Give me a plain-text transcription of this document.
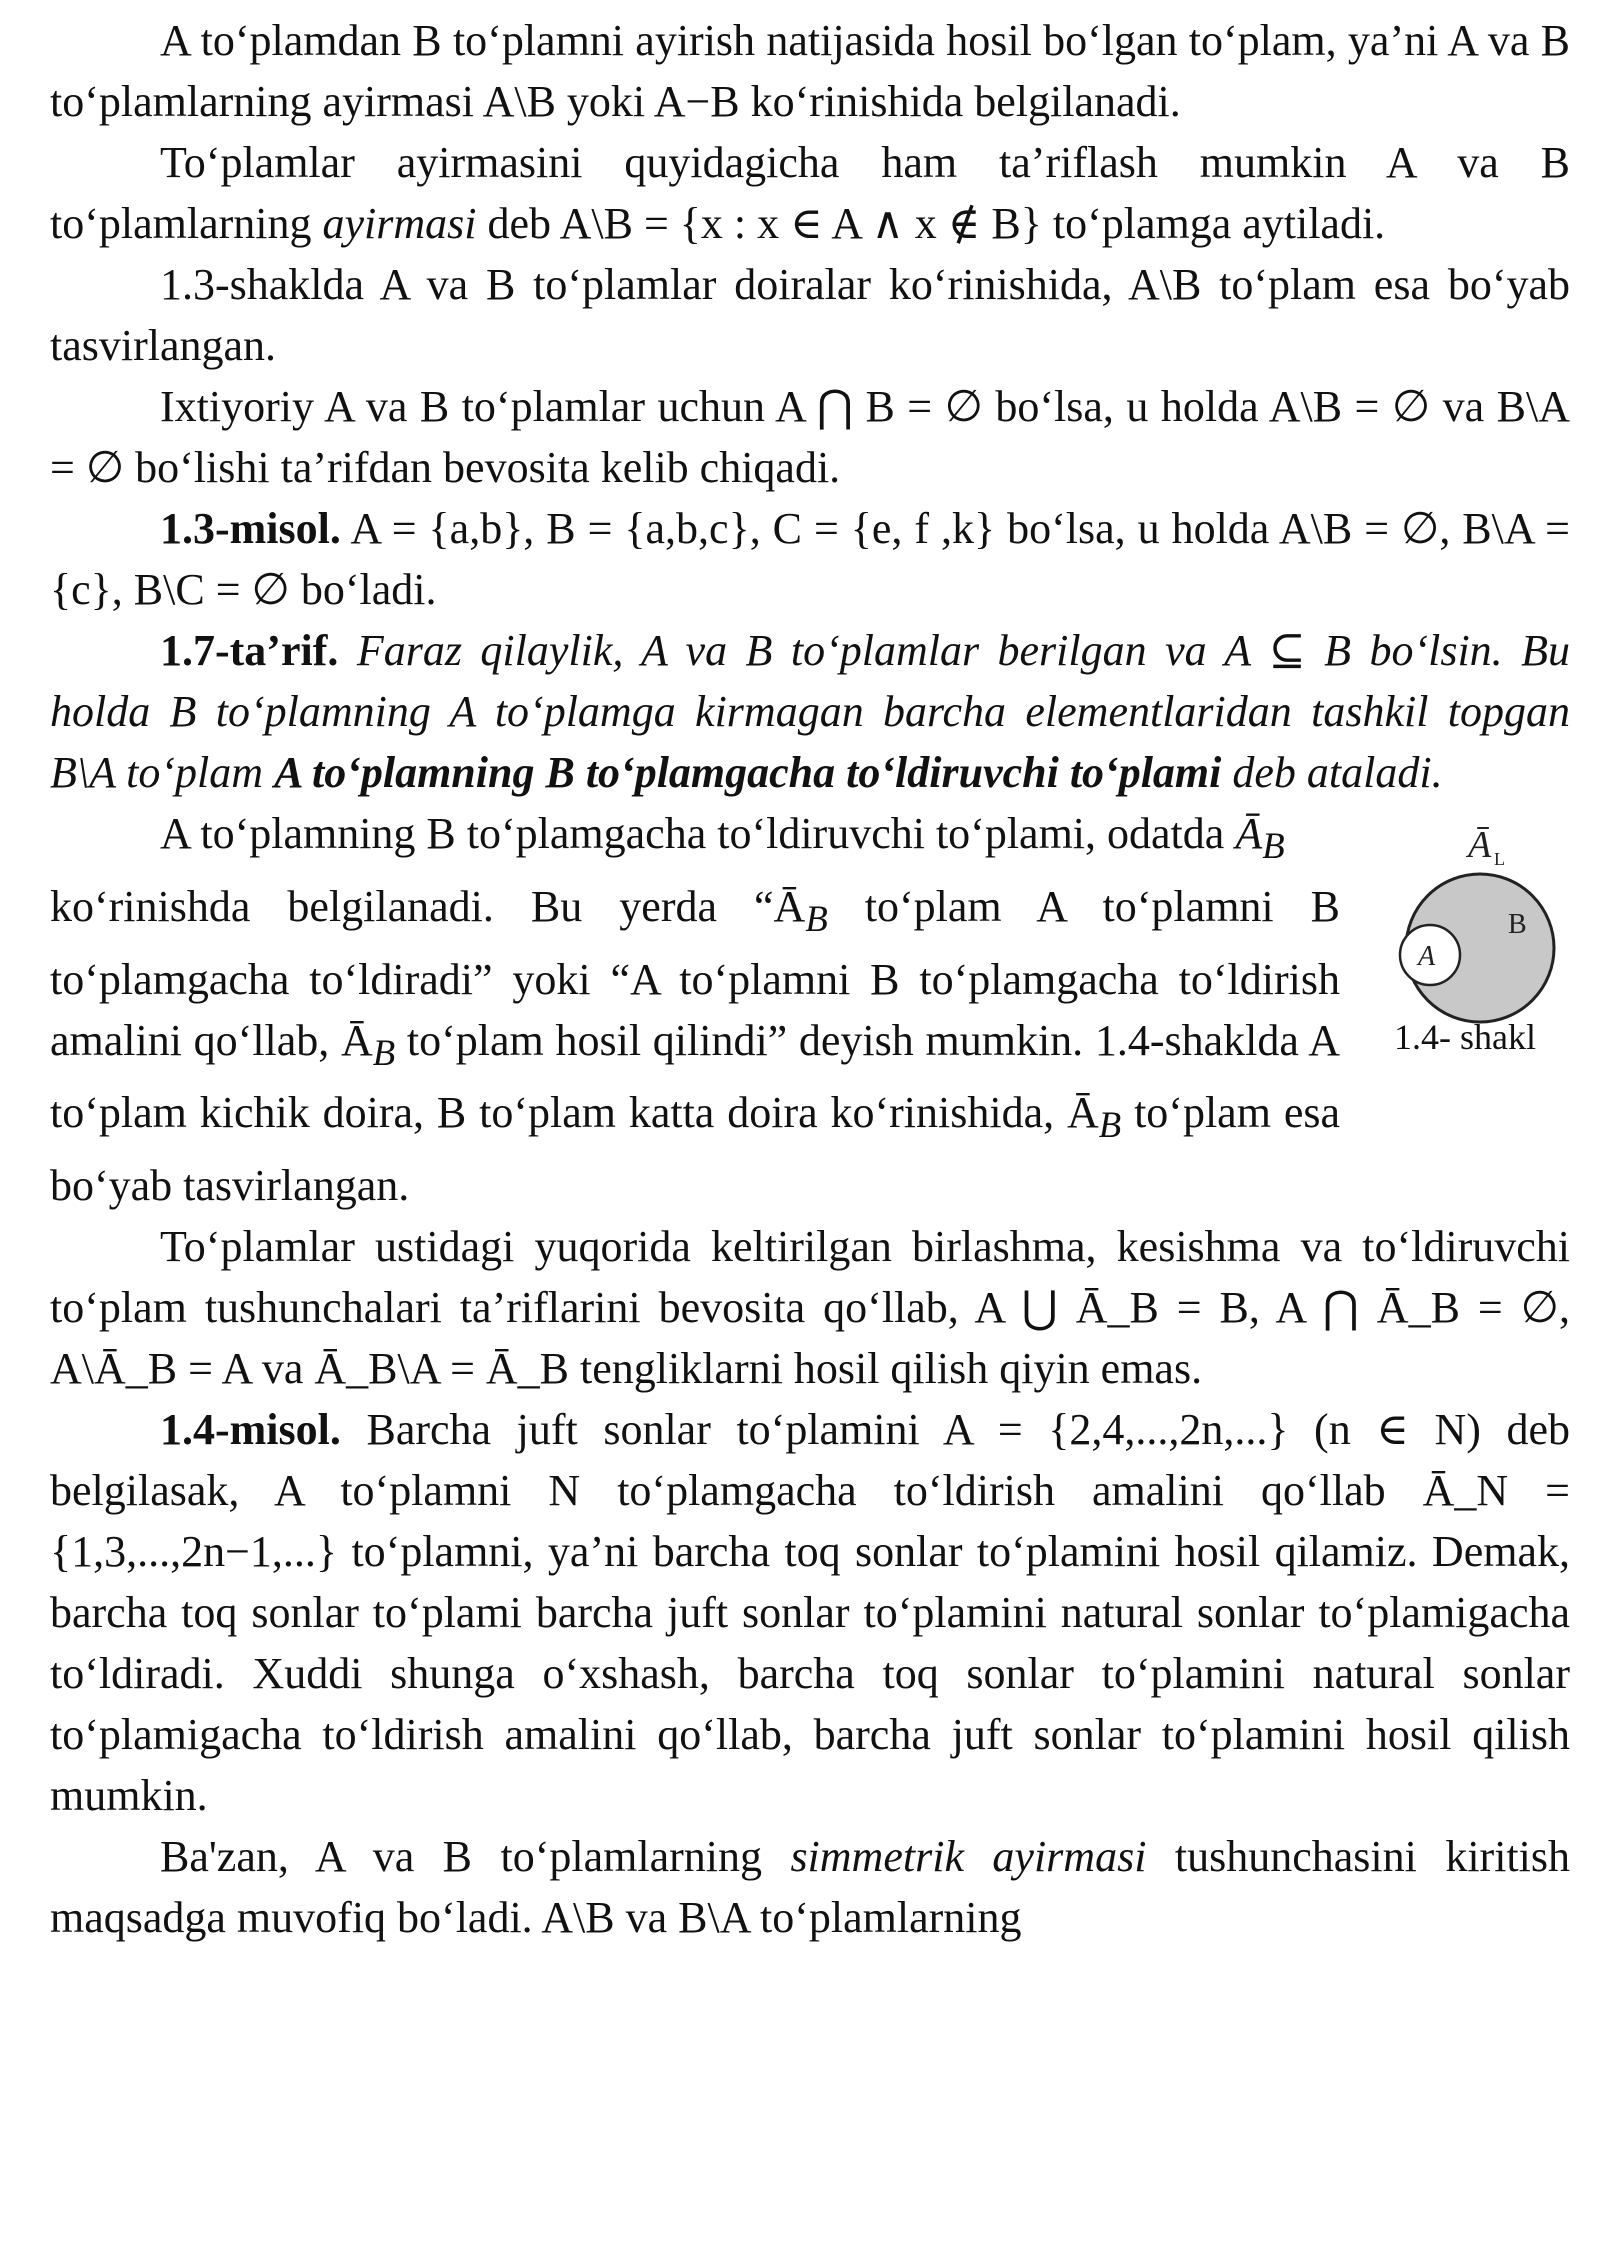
A to‘plamdan B to‘plamni ayirish natijasida hosil bo‘lgan to‘plam, ya’ni A va B to‘plamlarning ayirmasi A\B yoki A−B ko‘rinishida belgilanadi.

To‘plamlar ayirmasini quyidagicha ham ta’riflash mumkin A va B to‘plamlarning ayirmasi deb A\B = {x : x ∈ A ∧ x ∉ B} to‘plamga aytiladi.

1.3-shaklda A va B to‘plamlar doiralar ko‘rinishida, A\B to‘plam esa bo‘yab tasvirlangan.

Ixtiyoriy A va B to‘plamlar uchun A ⋂ B = ∅ bo‘lsa, u holda A\B = ∅ va B\A = ∅ bo‘lishi ta’rifdan bevosita kelib chiqadi.

1.3-misol. A = {a,b}, B = {a,b,c}, C = {e, f ,k} bo‘lsa, u holda A\B = ∅, B\A = {c}, B\C = ∅ bo‘ladi.

1.7-ta’rif. Faraz qilaylik, A va B to‘plamlar berilgan va A ⊆ B bo‘lsin. Bu holda B to‘plamning A to‘plamga kirmagan barcha elementlaridan tashkil topgan B\A to‘plam A to‘plamning B to‘plamgacha to‘ldiruvchi to‘plami deb ataladi.

Ā L
A
B
1.4- shakl

A to‘plamning B to‘plamgacha to‘ldiruvchi to‘plami, odatda $Ā_B$

ko‘rinishda belgilanadi. Bu yerda “$Ā_B$ to‘plam A to‘plamni B to‘plamgacha to‘ldiradi” yoki “A to‘plamni B to‘plamgacha to‘ldirish amalini qo‘llab, $Ā_B$ to‘plam hosil qilindi” deyish mumkin. 1.4-shaklda A to‘plam kichik doira, B to‘plam katta doira ko‘rinishida, $Ā_B$ to‘plam esa bo‘yab tasvirlangan.

To‘plamlar ustidagi yuqorida keltirilgan birlashma, kesishma va to‘ldiruvchi to‘plam tushunchalari ta’riflarini bevosita qo‘llab, A ⋃ Ā_B = B, A ⋂ Ā_B = ∅, A\Ā_B = A va Ā_B\A = Ā_B tengliklarni hosil qilish qiyin emas.

1.4-misol. Barcha juft sonlar to‘plamini A = {2,4,...,2n,...} (n ∈ N) deb belgilasak, A to‘plamni N to‘plamgacha to‘ldirish amalini qo‘llab Ā_N = {1,3,...,2n−1,...} to‘plamni, ya’ni barcha toq sonlar to‘plamini hosil qilamiz. Demak, barcha toq sonlar to‘plami barcha juft sonlar to‘plamini natural sonlar to‘plamigacha to‘ldiradi. Xuddi shunga o‘xshash, barcha toq sonlar to‘plamini natural sonlar to‘plamigacha to‘ldirish amalini qo‘llab, barcha juft sonlar to‘plamini hosil qilish mumkin.

Ba'zan, A va B to‘plamlarning simmetrik ayirmasi tushunchasini kiritish maqsadga muvofiq bo‘ladi. A\B va B\A to‘plamlarning
